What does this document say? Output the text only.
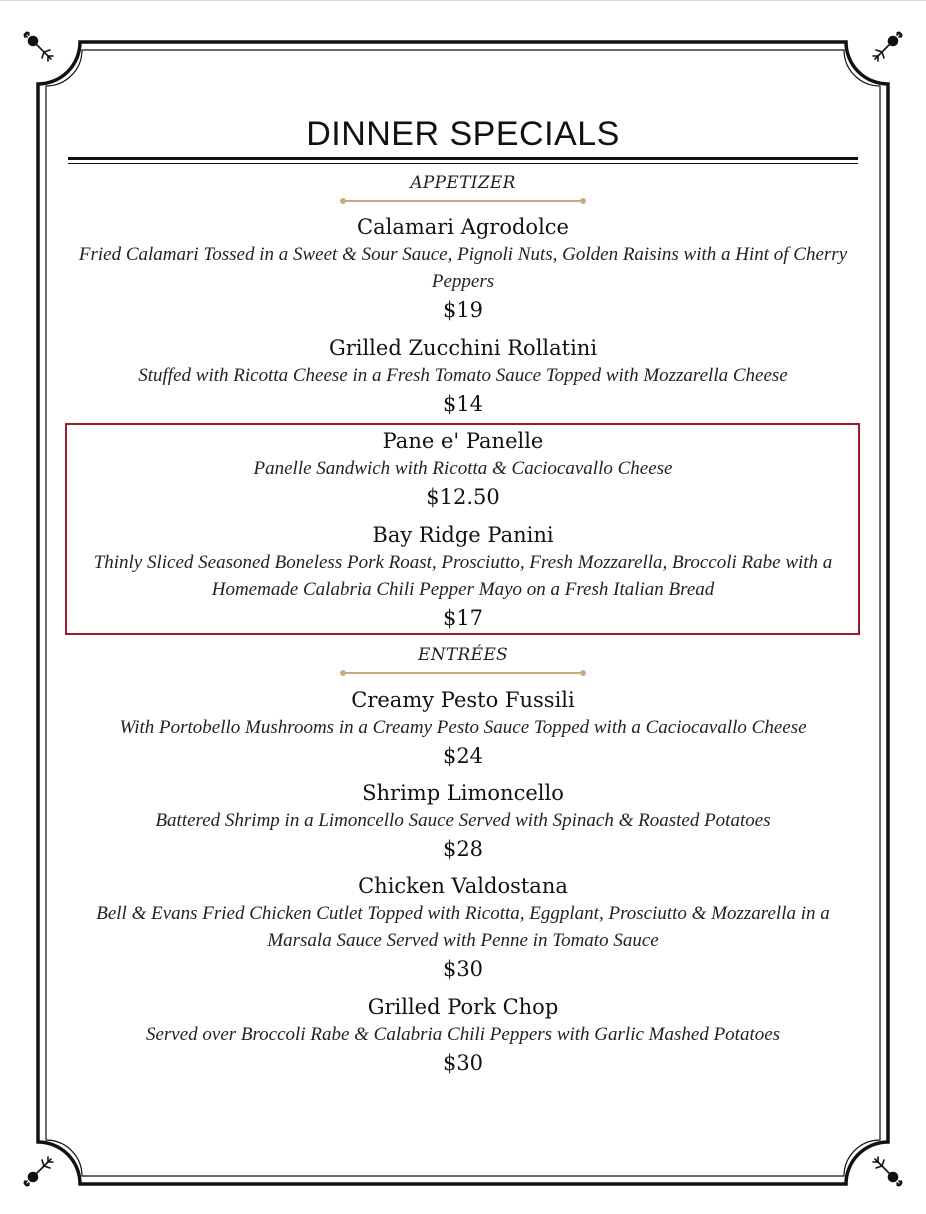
DINNER SPECIALS
APPETIZER
Calamari Agrodolce
Fried Calamari Tossed in a Sweet & Sour Sauce, Pignoli Nuts, Golden Raisins with a Hint of Cherry Peppers
$19
Grilled Zucchini Rollatini
Stuffed with Ricotta Cheese in a Fresh Tomato Sauce Topped with Mozzarella Cheese
$14
Pane e' Panelle
Panelle Sandwich with Ricotta & Caciocavallo Cheese
$12.50
Bay Ridge Panini
Thinly Sliced Seasoned Boneless Pork Roast, Prosciutto, Fresh Mozzarella, Broccoli Rabe with a Homemade Calabria Chili Pepper Mayo on a Fresh Italian Bread
$17
ENTRÉES
Creamy Pesto Fussili
With Portobello Mushrooms in a Creamy Pesto Sauce Topped with a Caciocavallo Cheese
$24
Shrimp Limoncello
Battered Shrimp in a Limoncello Sauce Served with Spinach & Roasted Potatoes
$28
Chicken Valdostana
Bell & Evans Fried Chicken Cutlet Topped with Ricotta, Eggplant, Prosciutto & Mozzarella in a Marsala Sauce Served with Penne in Tomato Sauce
$30
Grilled Pork Chop
Served over Broccoli Rabe & Calabria Chili Peppers with Garlic Mashed Potatoes
$30
